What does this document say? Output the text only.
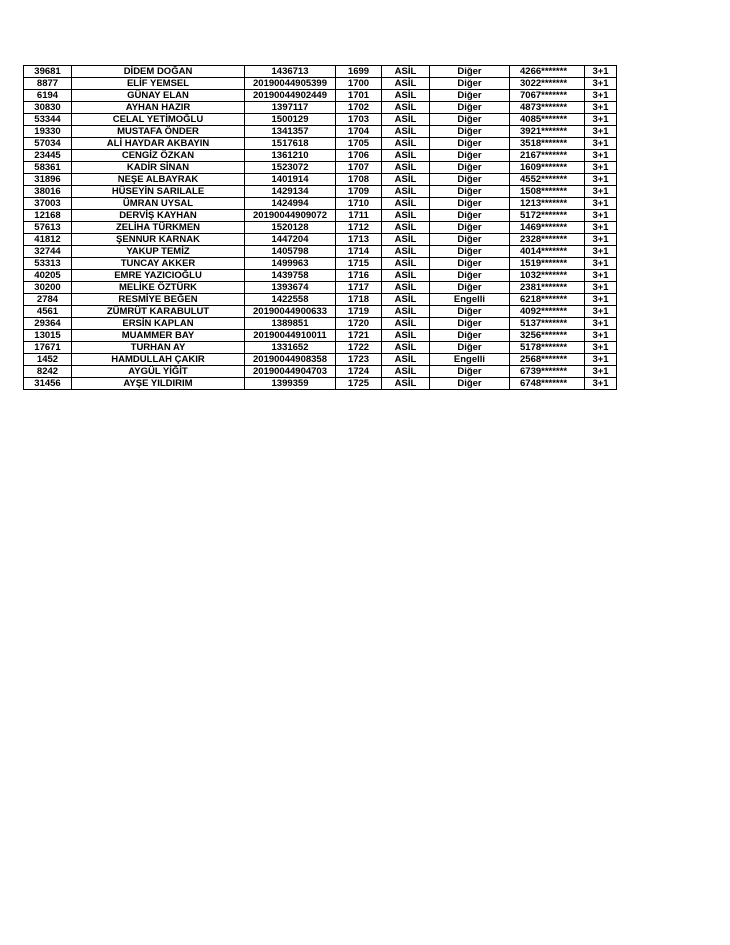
39681	DİDEM DOĞAN	1436713	1699	ASİL	Diğer	4266*******	3+1
8877	ELİF YEMSEL	20190044905399	1700	ASİL	Diğer	3022*******	3+1
6194	GÜNAY ELAN	20190044902449	1701	ASİL	Diğer	7067*******	3+1
30830	AYHAN HAZIR	1397117	1702	ASİL	Diğer	4873*******	3+1
53344	CELAL YETİMOĞLU	1500129	1703	ASİL	Diğer	4085*******	3+1
19330	MUSTAFA ÖNDER	1341357	1704	ASİL	Diğer	3921*******	3+1
57034	ALİ HAYDAR AKBAYIN	1517618	1705	ASİL	Diğer	3518*******	3+1
23445	CENGİZ ÖZKAN	1361210	1706	ASİL	Diğer	2167*******	3+1
58361	KADİR SİNAN	1523072	1707	ASİL	Diğer	1609*******	3+1
31896	NEŞE ALBAYRAK	1401914	1708	ASİL	Diğer	4552*******	3+1
38016	HÜSEYİN SARILALE	1429134	1709	ASİL	Diğer	1508*******	3+1
37003	ÜMRAN UYSAL	1424994	1710	ASİL	Diğer	1213*******	3+1
12168	DERVİŞ KAYHAN	20190044909072	1711	ASİL	Diğer	5172*******	3+1
57613	ZELİHA TÜRKMEN	1520128	1712	ASİL	Diğer	1469*******	3+1
41812	ŞENNUR KARNAK	1447204	1713	ASİL	Diğer	2328*******	3+1
32744	YAKUP TEMİZ	1405798	1714	ASİL	Diğer	4014*******	3+1
53313	TUNCAY AKKER	1499963	1715	ASİL	Diğer	1519*******	3+1
40205	EMRE YAZICIOĞLU	1439758	1716	ASİL	Diğer	1032*******	3+1
30200	MELİKE ÖZTÜRK	1393674	1717	ASİL	Diğer	2381*******	3+1
2784	RESMİYE BEĞEN	1422558	1718	ASİL	Engelli	6218*******	3+1
4561	ZÜMRÜT KARABULUT	20190044900633	1719	ASİL	Diğer	4092*******	3+1
29364	ERSİN KAPLAN	1389851	1720	ASİL	Diğer	5137*******	3+1
13015	MUAMMER BAY	20190044910011	1721	ASİL	Diğer	3256*******	3+1
17671	TURHAN AY	1331652	1722	ASİL	Diğer	5178*******	3+1
1452	HAMDULLAH ÇAKIR	20190044908358	1723	ASİL	Engelli	2568*******	3+1
8242	AYGÜL YİĞİT	20190044904703	1724	ASİL	Diğer	6739*******	3+1
31456	AYŞE YILDIRIM	1399359	1725	ASİL	Diğer	6748*******	3+1
